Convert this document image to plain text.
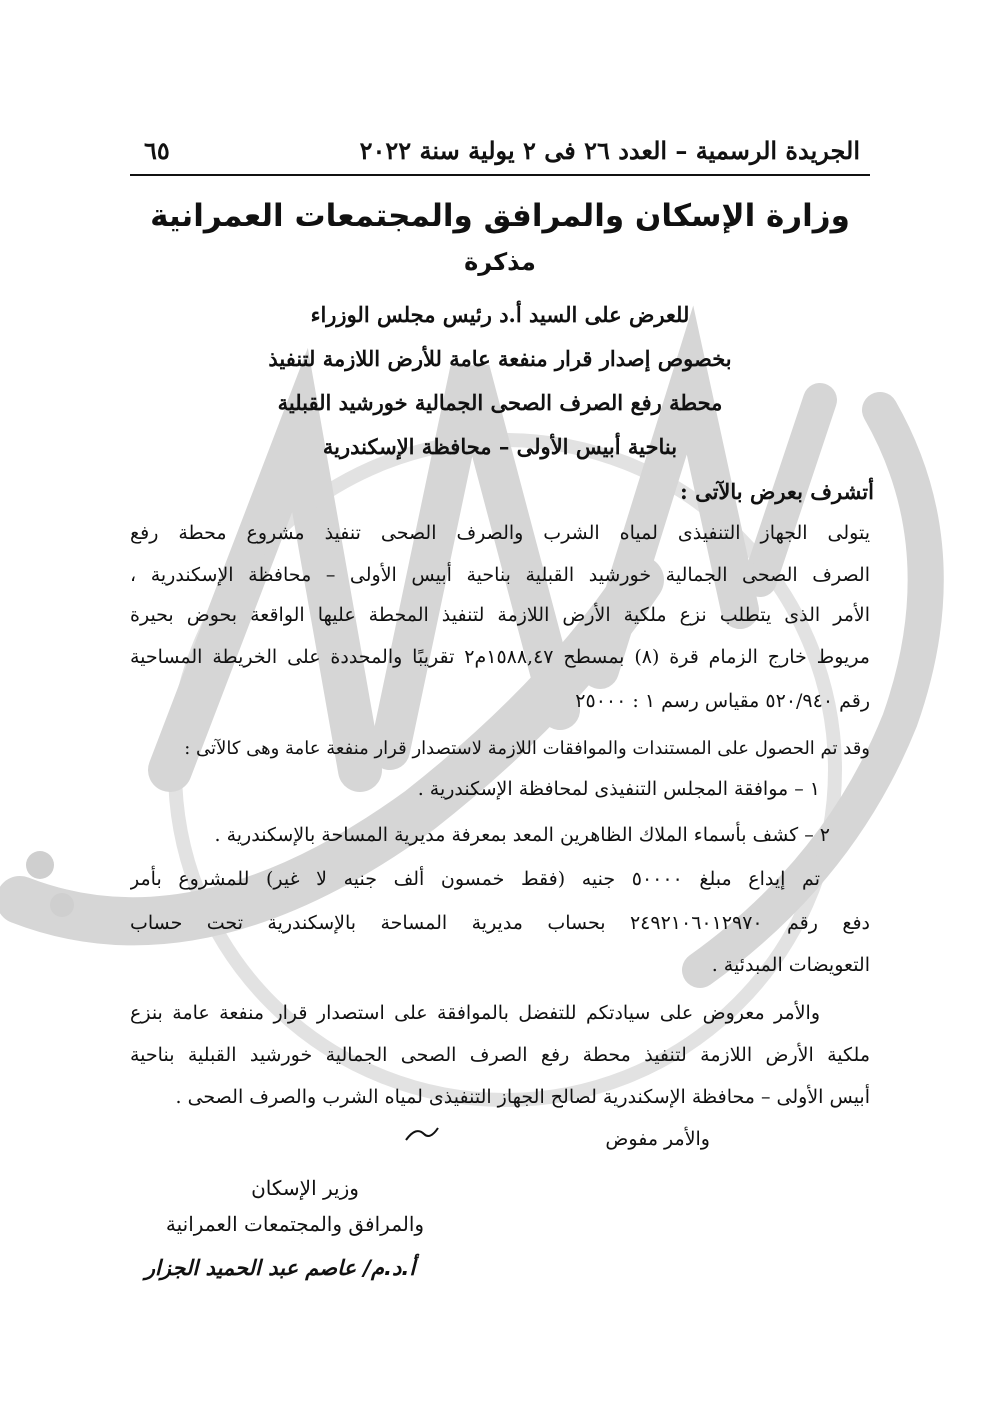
الجريدة الرسمية – العدد ٢٦ فى ٢ يولية سنة ٢٠٢٢
٦٥
وزارة الإسكان والمرافق والمجتمعات العمرانية
مذكرة
للعرض على السيد أ.د رئيس مجلس الوزراء
بخصوص إصدار قرار منفعة عامة للأرض اللازمة لتنفيذ
محطة رفع الصرف الصحى الجمالية خورشيد القبلية
بناحية أبيس الأولى – محافظة الإسكندرية
أتشرف بعرض بالآتى :
يتولى الجهاز التنفيذى لمياه الشرب والصرف الصحى تنفيذ مشروع محطة رفع
الصرف الصحى الجمالية خورشيد القبلية بناحية أبيس الأولى – محافظة الإسكندرية ،
الأمر الذى يتطلب نزع ملكية الأرض اللازمة لتنفيذ المحطة عليها الواقعة بحوض بحيرة
مريوط خارج الزمام قرة (٨) بمسطح ١٥٨٨,٤٧م٢ تقريبًا والمحددة على الخريطة المساحية
رقم ٥٢٠/٩٤٠ مقياس رسم ١ : ٢٥٠٠٠
وقد تم الحصول على المستندات والموافقات اللازمة لاستصدار قرار منفعة عامة وهى كالآتى :
١ – موافقة المجلس التنفيذى لمحافظة الإسكندرية .
٢ – كشف بأسماء الملاك الظاهرين المعد بمعرفة مديرية المساحة بالإسكندرية .
تم إيداع مبلغ ٥٠٠٠٠ جنيه (فقط خمسون ألف جنيه لا غير) للمشروع بأمر
دفع رقم ٢٤٩٢١٠٦٠١٢٩٧٠ بحساب مديرية المساحة بالإسكندرية تحت حساب
التعويضات المبدئية .
والأمر معروض على سيادتكم للتفضل بالموافقة على استصدار قرار منفعة عامة بنزع
ملكية الأرض اللازمة لتنفيذ محطة رفع الصرف الصحى الجمالية خورشيد القبلية بناحية
أبيس الأولى – محافظة الإسكندرية لصالح الجهاز التنفيذى لمياه الشرب والصرف الصحى .
والأمر مفوض
وزير الإسكان
والمرافق والمجتمعات العمرانية
أ.د.م/ عاصم عبد الحميد الجزار
